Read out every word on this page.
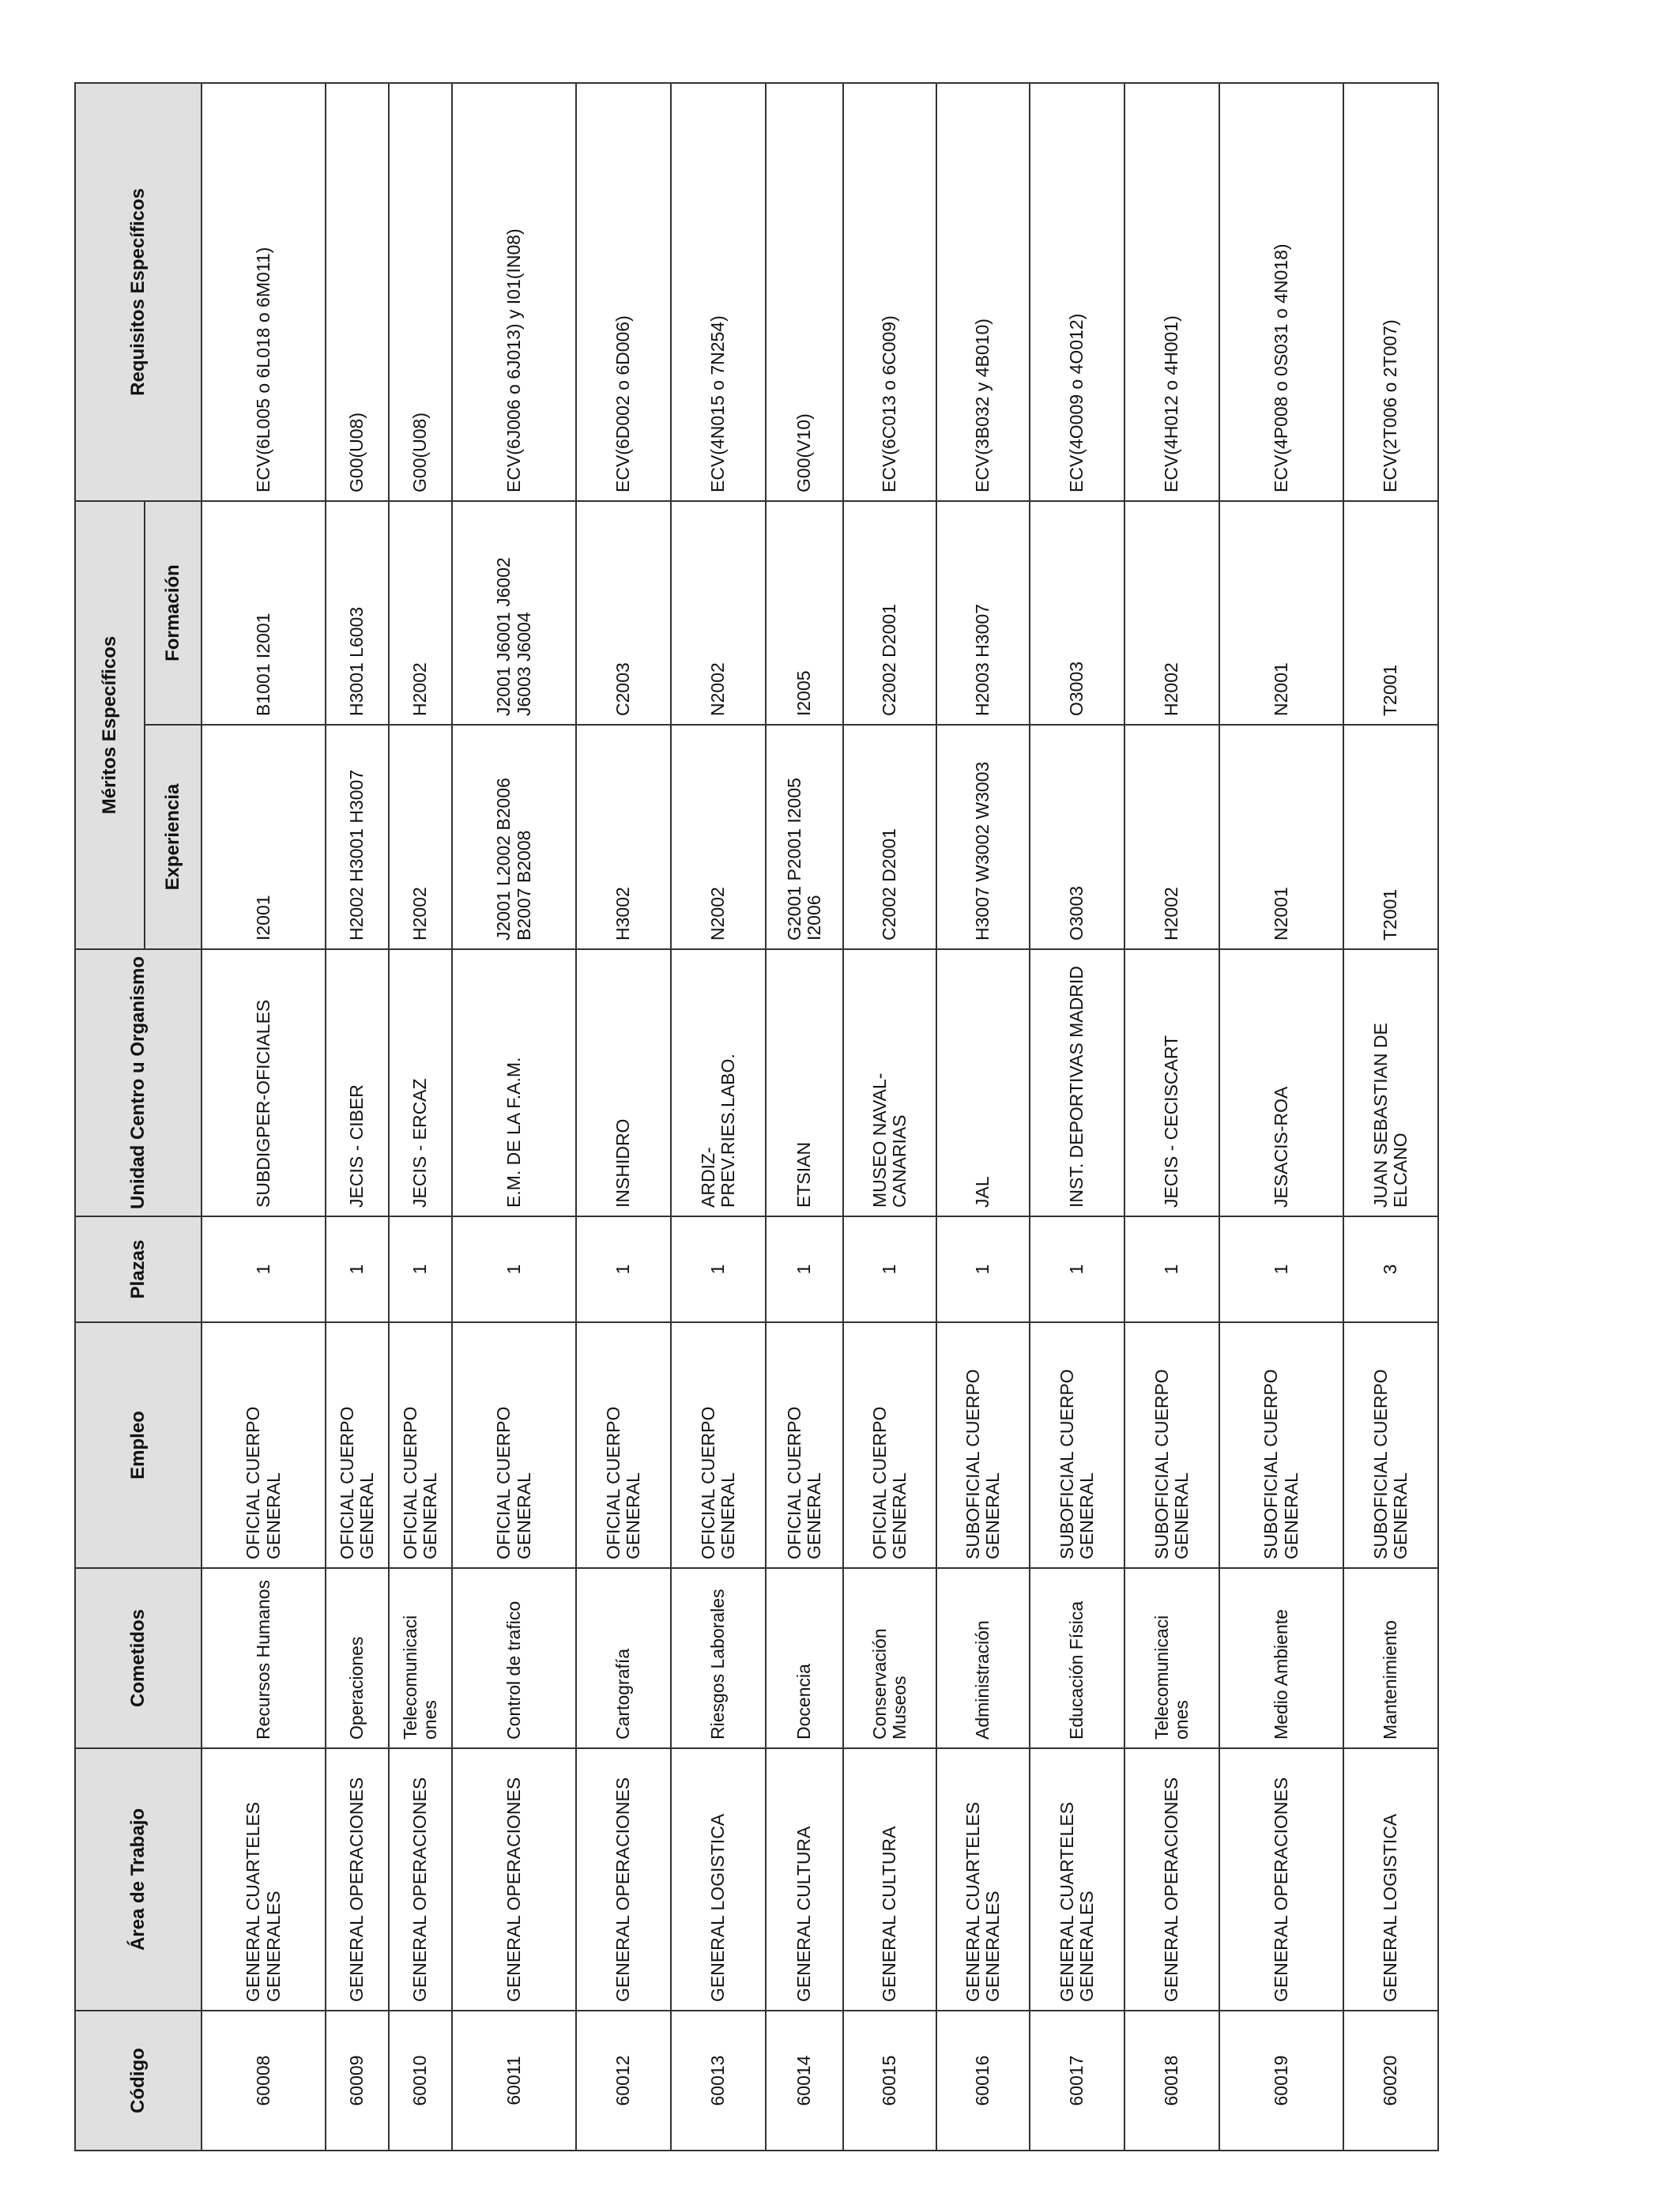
Código	Área de Trabajo	Cometidos	Empleo	Plazas	Unidad Centro u Organismo	Méritos Específicos		Requisitos Específicos
						Experiencia	Formación	
60008	GENERAL CUARTELES GENERALES	Recursos Humanos	OFICIAL CUERPO GENERAL	1	SUBDIGPER-OFICIALES	I2001	B1001 I2001	ECV(6L005 o 6L018 o 6M011)
60009	GENERAL OPERACIONES	Operaciones	OFICIAL CUERPO GENERAL	1	JECIS - CIBER	H2002 H3001 H3007	H3001 L6003	G00(U08)
60010	GENERAL OPERACIONES	Telecomunicaci
ones	OFICIAL CUERPO GENERAL	1	JECIS - ERCAZ	H2002	H2002	G00(U08)
60011	GENERAL OPERACIONES	Control de trafico	OFICIAL CUERPO GENERAL	1	E.M. DE LA F.A.M.	J2001 L2002 B2006 B2007 B2008	J2001 J6001 J6002 J6003 J6004	ECV(6J006 o 6J013) y I01(IN08)
60012	GENERAL OPERACIONES	Cartografía	OFICIAL CUERPO GENERAL	1	INSHIDRO	H3002	C2003	ECV(6D002 o 6D006)
60013	GENERAL LOGISTICA	Riesgos Laborales	OFICIAL CUERPO GENERAL	1	ARDIZ-
PREV.RIES.LABO.	N2002	N2002	ECV(4N015 o 7N254)
60014	GENERAL CULTURA	Docencia	OFICIAL CUERPO GENERAL	1	ETSIAN	G2001 P2001 I2005 I2006	I2005	G00(V10)
60015	GENERAL CULTURA	Conservación Museos	OFICIAL CUERPO GENERAL	1	MUSEO NAVAL-
CANARIAS	C2002 D2001	C2002 D2001	ECV(6C013 o 6C009)
60016	GENERAL CUARTELES GENERALES	Administración	SUBOFICIAL CUERPO GENERAL	1	JAL	H3007 W3002 W3003	H2003 H3007	ECV(3B032 y 4B010)
60017	GENERAL CUARTELES GENERALES	Educación Física	SUBOFICIAL CUERPO GENERAL	1	INST. DEPORTIVAS MADRID	O3003	O3003	ECV(4O009 o 4O012)
60018	GENERAL OPERACIONES	Telecomunicaci
ones	SUBOFICIAL CUERPO GENERAL	1	JECIS - CECISCART	H2002	H2002	ECV(4H012 o 4H001)
60019	GENERAL OPERACIONES	Medio Ambiente	SUBOFICIAL CUERPO GENERAL	1	JESACIS-ROA	N2001	N2001	ECV(4P008 o 0S031 o 4N018)
60020	GENERAL LOGISTICA	Mantenimiento	SUBOFICIAL CUERPO GENERAL	3	JUAN SEBASTIAN DE ELCANO	T2001	T2001	ECV(2T006 o 2T007)
